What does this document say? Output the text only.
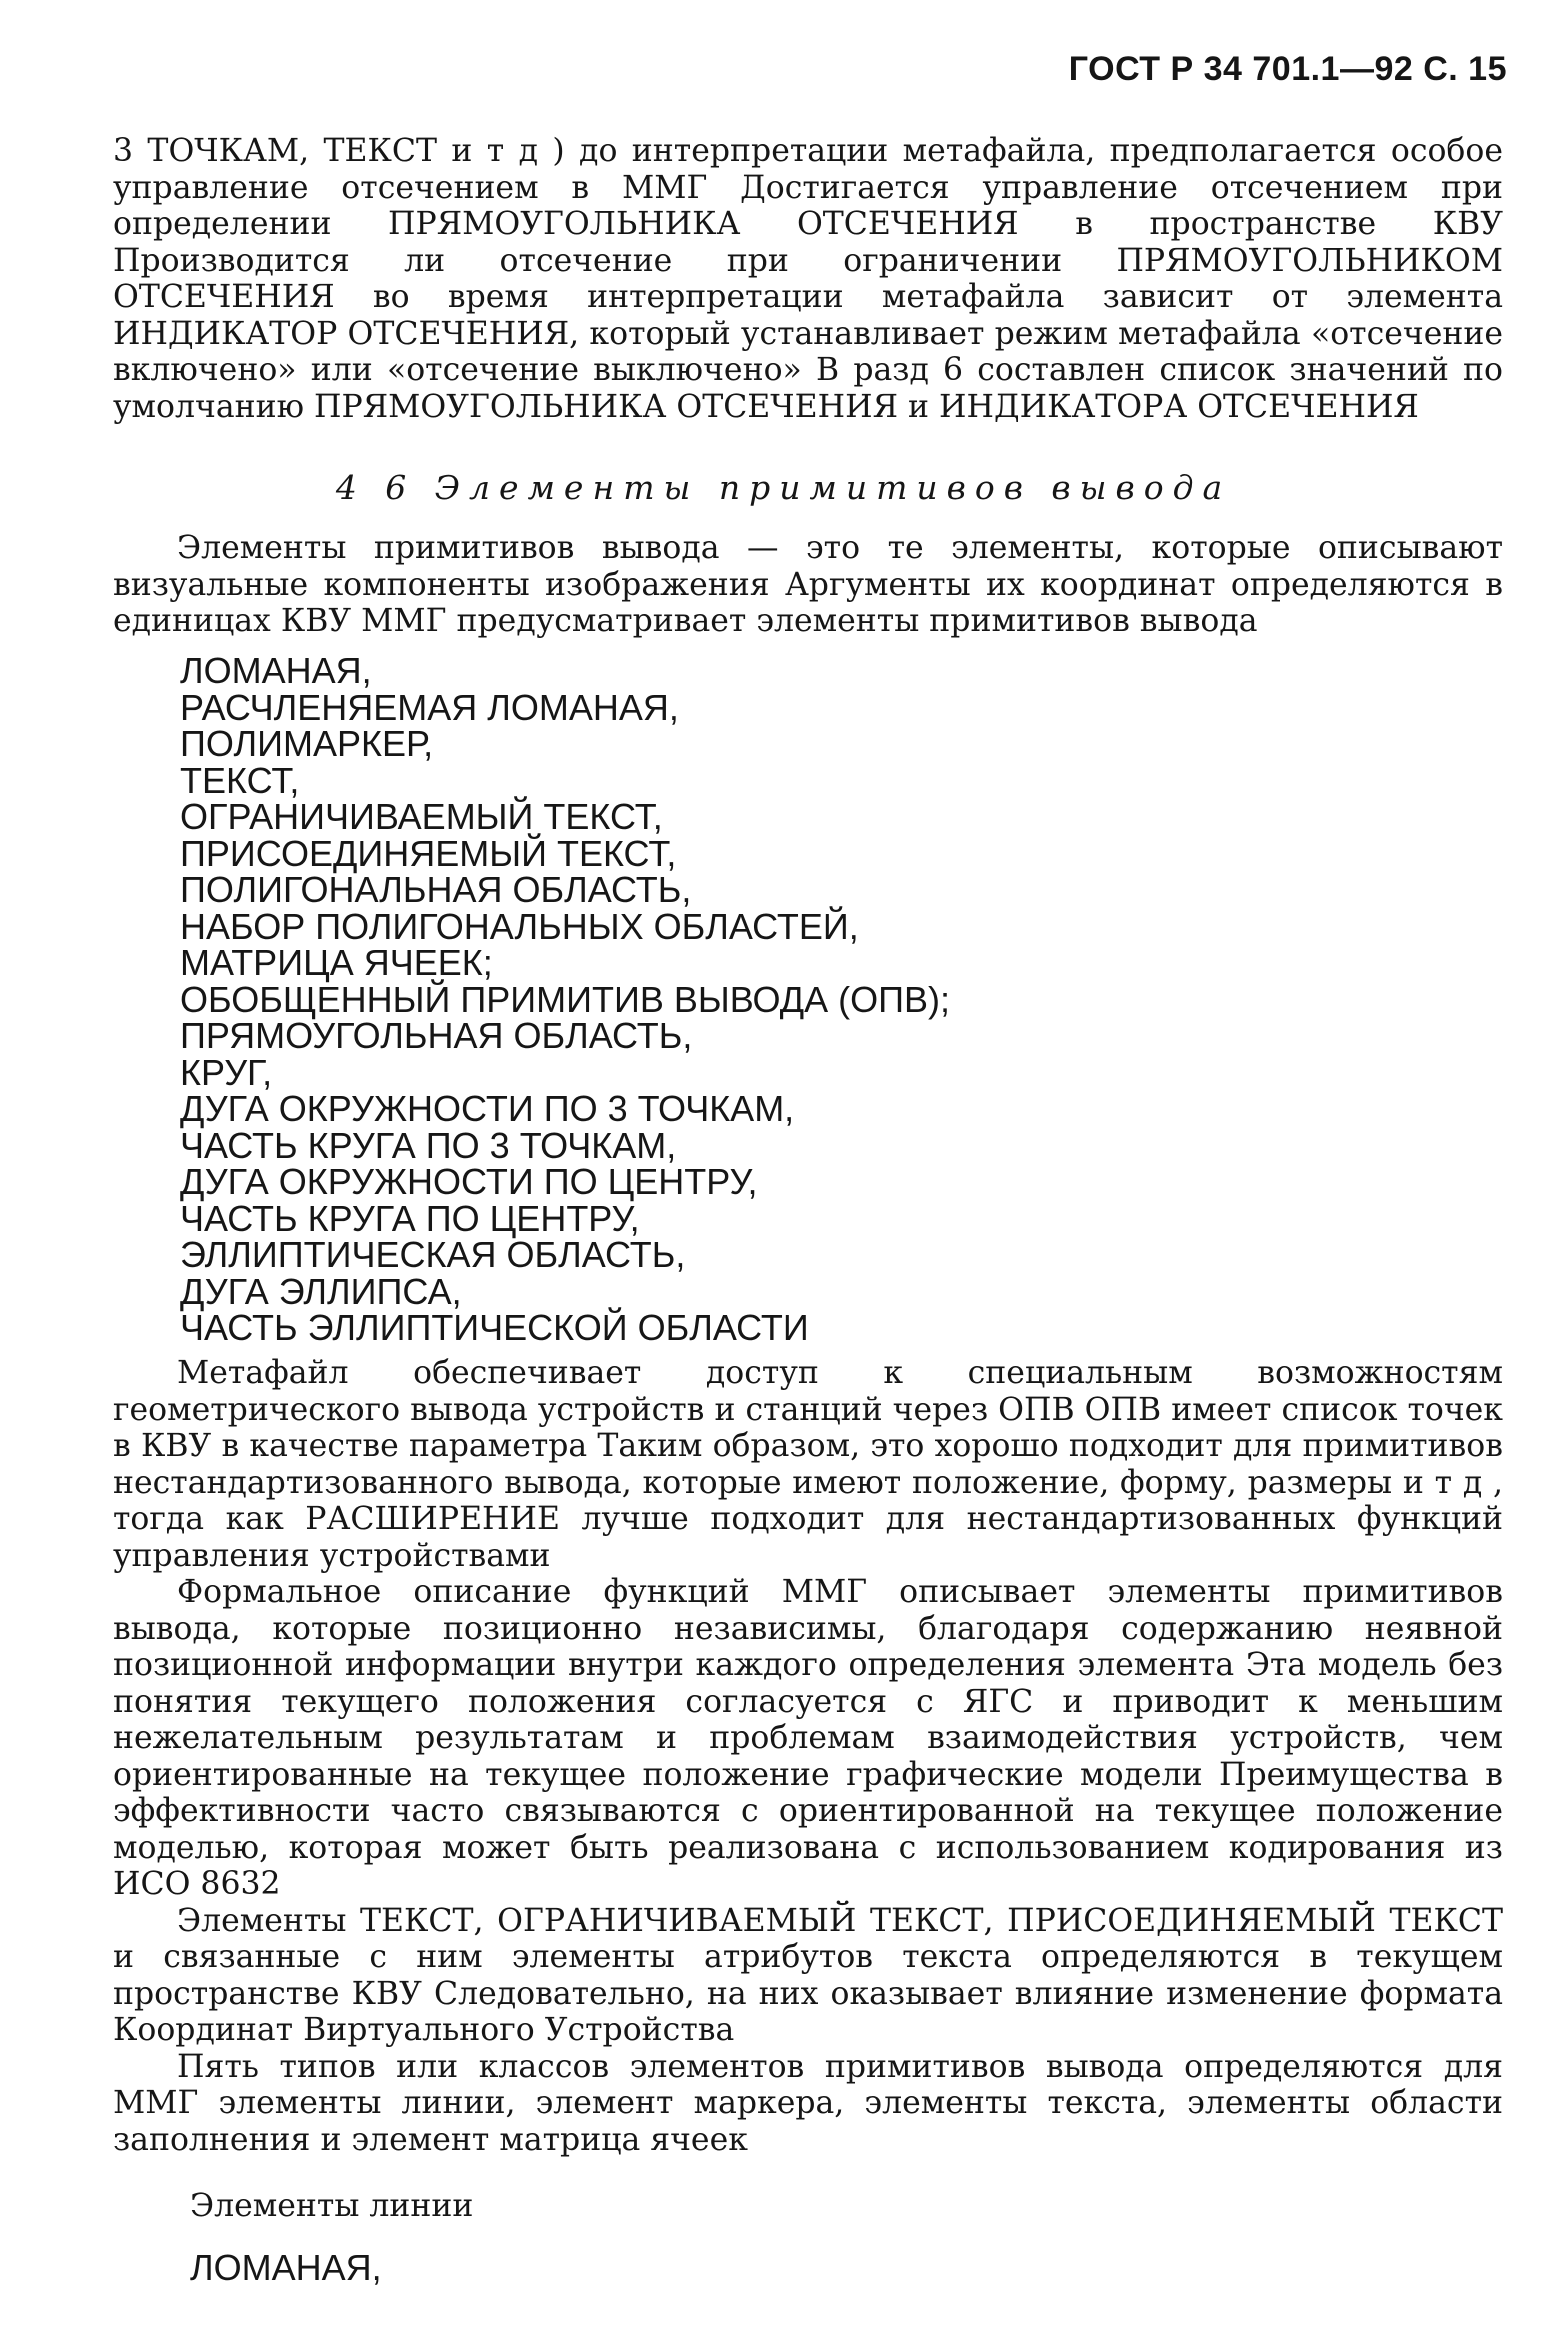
ГОСТ Р 34 701.1—92 С. 15

3 ТОЧКАМ, ТЕКСТ и т д ) до интерпретации метафайла, предполагается особое управление отсечением в ММГ Достигается управление отсечением при определении ПРЯМОУГОЛЬНИКА ОТСЕЧЕНИЯ в пространстве КВУ Производится ли отсечение при ограничении ПРЯМОУГОЛЬНИКОМ ОТСЕЧЕНИЯ во время интерпретации метафайла зависит от элемента ИНДИКАТОР ОТСЕЧЕНИЯ, который устанавливает режим метафайла «отсечение включено» или «отсечение выключено» В разд 6 составлен список значений по умолчанию ПРЯМОУГОЛЬНИКА ОТСЕЧЕНИЯ и ИНДИКАТОРА ОТСЕЧЕНИЯ

4 6 Элементы примитивов вывода

Элементы примитивов вывода — это те элементы, которые описывают визуальные компоненты изображения Аргументы их координат определяются в единицах КВУ ММГ предусматривает элементы примитивов вывода

ЛОМАНАЯ,
РАСЧЛЕНЯЕМАЯ ЛОМАНАЯ,
ПОЛИМАРКЕР,
ТЕКСТ,
ОГРАНИЧИВАЕМЫЙ ТЕКСТ,
ПРИСОЕДИНЯЕМЫЙ ТЕКСТ,
ПОЛИГОНАЛЬНАЯ ОБЛАСТЬ,
НАБОР ПОЛИГОНАЛЬНЫХ ОБЛАСТЕЙ,
МАТРИЦА ЯЧЕЕК;
ОБОБЩЕННЫЙ ПРИМИТИВ ВЫВОДА (ОПВ);
ПРЯМОУГОЛЬНАЯ ОБЛАСТЬ,
КРУГ,
ДУГА ОКРУЖНОСТИ ПО 3 ТОЧКАМ,
ЧАСТЬ КРУГА ПО 3 ТОЧКАМ,
ДУГА ОКРУЖНОСТИ ПО ЦЕНТРУ,
ЧАСТЬ КРУГА ПО ЦЕНТРУ,
ЭЛЛИПТИЧЕСКАЯ ОБЛАСТЬ,
ДУГА ЭЛЛИПСА,
ЧАСТЬ ЭЛЛИПТИЧЕСКОЙ ОБЛАСТИ

Метафайл обеспечивает доступ к специальным возможностям геометрического вывода устройств и станций через ОПВ ОПВ имеет список точек в КВУ в качестве параметра Таким образом, это хорошо подходит для примитивов нестандартизованного вывода, которые имеют положение, форму, размеры и т д , тогда как РАСШИРЕНИЕ лучше подходит для нестандартизованных функций управления устройствами

Формальное описание функций ММГ описывает элементы примитивов вывода, которые позиционно независимы, благодаря содержанию неявной позиционной информации внутри каждого определения элемента Эта модель без понятия текущего положения согласуется с ЯГС и приводит к меньшим нежелательным результатам и проблемам взаимодействия устройств, чем ориентированные на текущее положение графические модели Преимущества в эффективности часто связываются с ориентированной на текущее положение моделью, которая может быть реализована с использованием кодирования из ИСО 8632

Элементы ТЕКСТ, ОГРАНИЧИВАЕМЫЙ ТЕКСТ, ПРИСОЕДИНЯЕМЫЙ ТЕКСТ и связанные с ним элементы атрибутов текста определяются в текущем пространстве КВУ Следовательно, на них оказывает влияние изменение формата Координат Виртуального Устройства

Пять типов или классов элементов примитивов вывода определяются для ММГ элементы линии, элемент маркера, элементы текста, элементы области заполнения и элемент матрица ячеек

Элементы линии
ЛОМАНАЯ,
